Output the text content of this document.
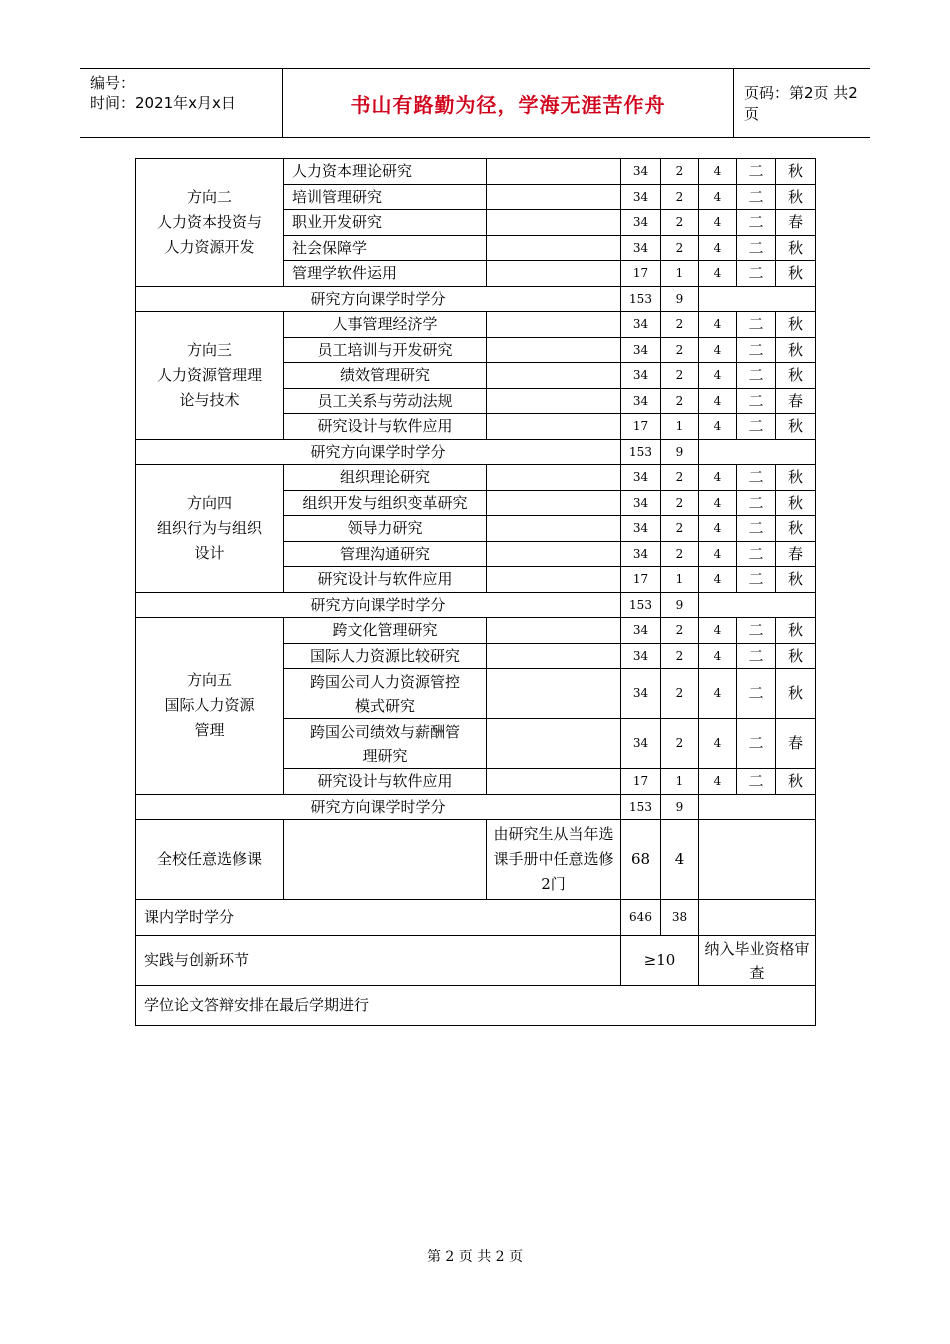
编号：
时间：2021年x月x日	书山有路勤为径，学海无涯苦作舟	页码：第2页 共2页
方向二
人力资本投资与
人力资源开发	人力资本理论研究		34	2	4	二	秋
	培训管理研究		34	2	4	二	秋
	职业开发研究		34	2	4	二	春
	社会保障学		34	2	4	二	秋
	管理学软件运用		17	1	4	二	秋
研究方向课学时学分			153	9			
方向三
人力资源管理理
论与技术	人事管理经济学		34	2	4	二	秋
	员工培训与开发研究		34	2	4	二	秋
	绩效管理研究		34	2	4	二	秋
	员工关系与劳动法规		34	2	4	二	春
	研究设计与软件应用		17	1	4	二	秋
研究方向课学时学分			153	9			
方向四
组织行为与组织
设计	组织理论研究		34	2	4	二	秋
	组织开发与组织变革研究		34	2	4	二	秋
	领导力研究		34	2	4	二	秋
	管理沟通研究		34	2	4	二	春
	研究设计与软件应用		17	1	4	二	秋
研究方向课学时学分			153	9			
方向五
国际人力资源
管理	跨文化管理研究		34	2	4	二	秋
	国际人力资源比较研究		34	2	4	二	秋
	跨国公司人力资源管控
模式研究		34	2	4	二	秋
	跨国公司绩效与薪酬管
理研究		34	2	4	二	春
	研究设计与软件应用		17	1	4	二	秋
研究方向课学时学分			153	9			
全校任意选修课		由研究生从当年选课手册中任意选修2门	68	4			
课内学时学分			646	38			
实践与创新环节			≥10		纳入毕业资格审查		
学位论文答辩安排在最后学期进行							
第 2 页 共 2 页
